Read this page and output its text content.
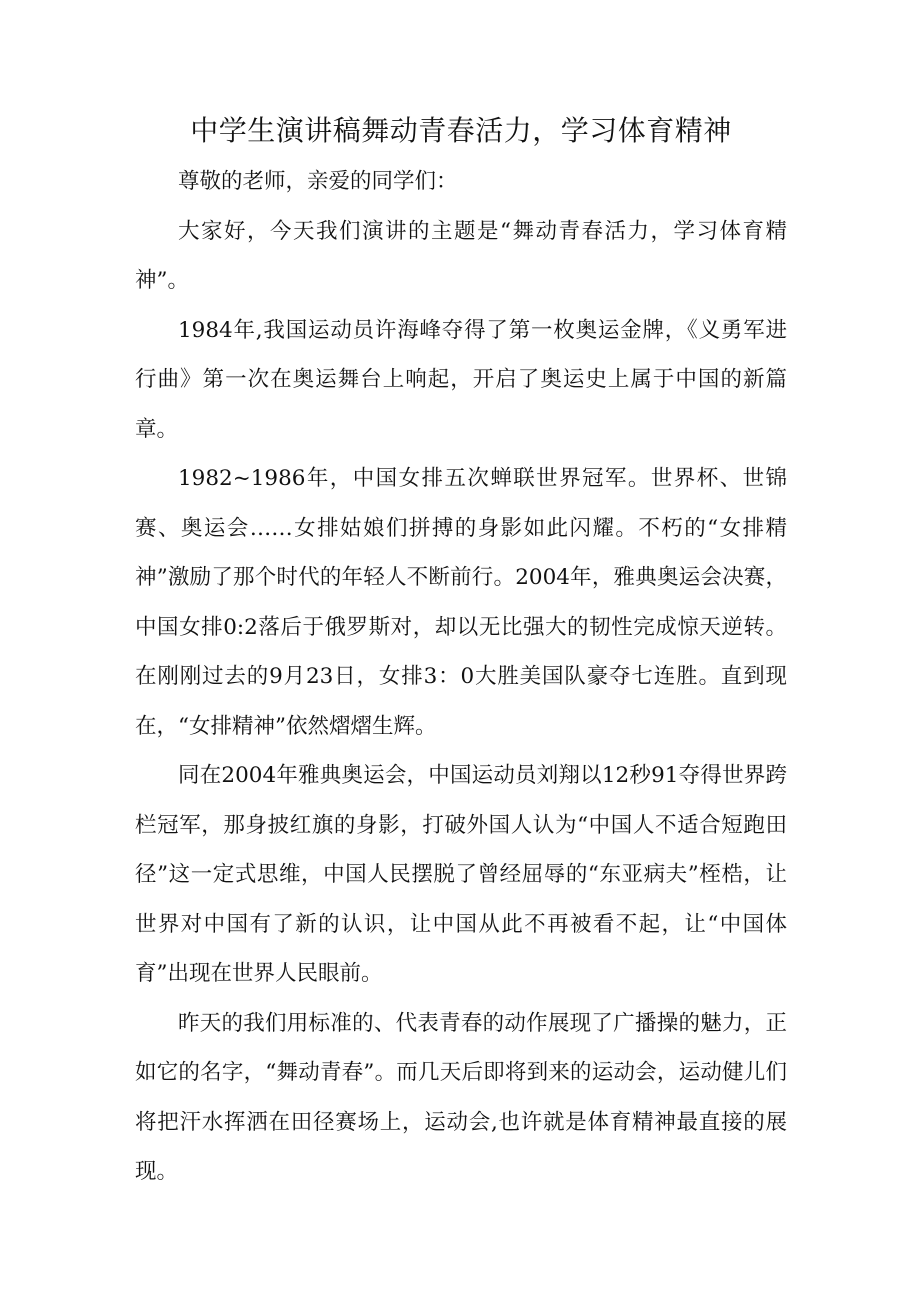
中学生演讲稿舞动青春活力，学习体育精神

尊敬的老师，亲爱的同学们：

大家好，今天我们演讲的主题是“舞动青春活力，学习体育精神”。

1984年,我国运动员许海峰夺得了第一枚奥运金牌，《义勇军进行曲》第一次在奥运舞台上响起，开启了奥运史上属于中国的新篇章。

1982~1986年，中国女排五次蝉联世界冠军。世界杯、世锦赛、奥运会……女排姑娘们拼搏的身影如此闪耀。不朽的“女排精神”激励了那个时代的年轻人不断前行。2004年，雅典奥运会决赛，中国女排0:2落后于俄罗斯对，却以无比强大的韧性完成惊天逆转。在刚刚过去的9月23日，女排3：0大胜美国队豪夺七连胜。直到现在，“女排精神”依然熠熠生辉。

同在2004年雅典奥运会，中国运动员刘翔以12秒91夺得世界跨栏冠军，那身披红旗的身影，打破外国人认为“中国人不适合短跑田径”这一定式思维，中国人民摆脱了曾经屈辱的“东亚病夫”桎梏，让世界对中国有了新的认识，让中国从此不再被看不起，让“中国体育”出现在世界人民眼前。

昨天的我们用标准的、代表青春的动作展现了广播操的魅力，正如它的名字，“舞动青春”。而几天后即将到来的运动会，运动健儿们将把汗水挥洒在田径赛场上，运动会,也许就是体育精神最直接的展现。
